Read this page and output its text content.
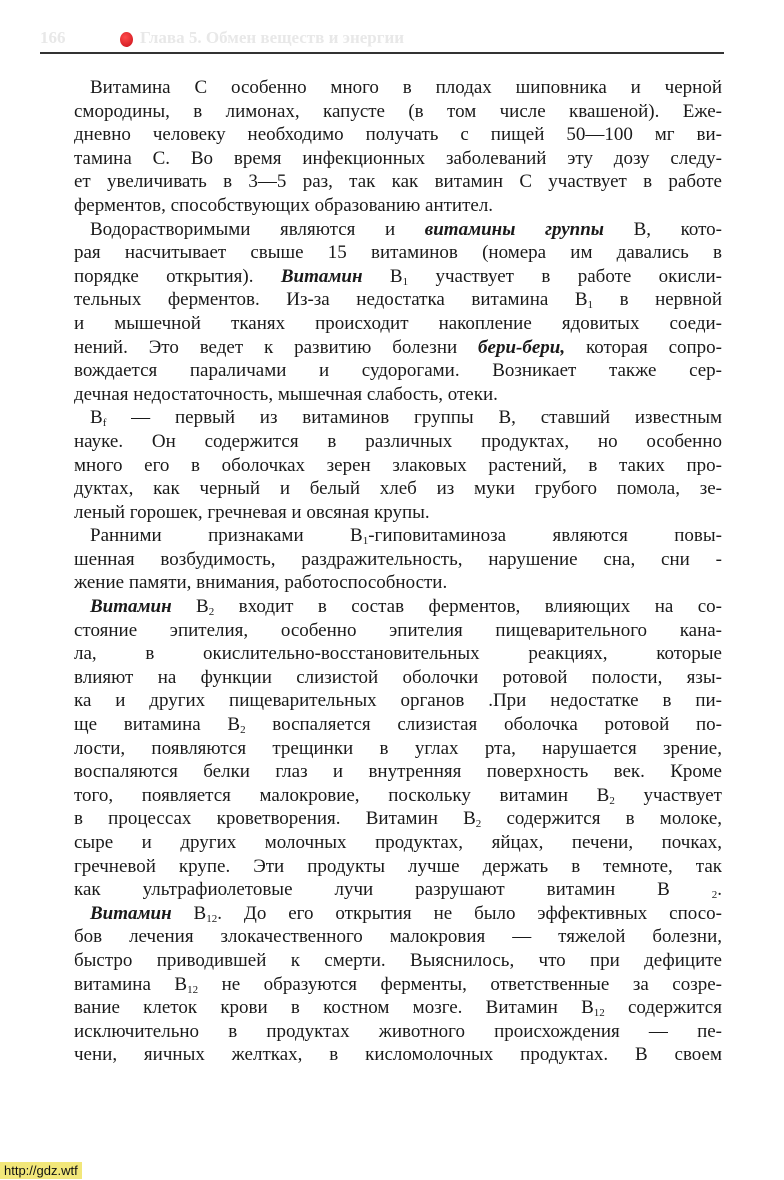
166	Глава 5. Обмен веществ и энергии
Витамина С особенно много в плодах шиповника и черной
смородины, в лимонах, капусте (в том числе квашеной). Еже-
дневно человеку необходимо получать с пищей 50—100 мг ви-
тамина С. Во время инфекционных заболеваний эту дозу следу-
ет увеличивать в 3—5 раз, так как витамин С участвует в работе
ферментов, способствующих образованию антител.
Водорастворимыми являются и витамины группы В, кото-
рая насчитывает свыше 15 витаминов (номера им давались в
порядке открытия). Витамин $В_1$ участвует в работе окисли-
тельных ферментов. Из-за недостатка витамина $В_1$ в нервной
и мышечной тканях происходит накопление ядовитых соеди-
нений. Это ведет к развитию болезни бери-бери, которая сопро-
вождается параличами и судорогами. Возникает также сер-
дечная недостаточность, мышечная слабость, отеки.
$В_f$ — первый из витаминов группы В, ставший известным
науке. Он содержится в различных продуктах, но особенно
много его в оболочках зерен злаковых растений, в таких про-
дуктах, как черный и белый хлеб из муки грубого помола, зе-
леный горошек, гречневая и овсяная крупы.
Ранними признаками $В_1$-гиповитаминоза являются повы-
шенная возбудимость, раздражительность, нарушение сна, сни -
жение памяти, внимания, работоспособности.
Витамин $В_2$ входит в состав ферментов, влияющих на со-
стояние эпителия, особенно эпителия пищеварительного кана-
ла, в окислительно-восстановительных реакциях, которые
влияют на функции слизистой оболочки ротовой полости, язы-
ка и других пищеварительных органов .При недостатке в пи-
ще витамина $В_2$ воспаляется слизистая оболочка ротовой по-
лости, появляются трещинки в углах рта, нарушается зрение,
воспаляются белки глаз и внутренняя поверхность век. Кроме
того, появляется малокровие, поскольку витамин $В_2$ участвует
в процессах кроветворения. Витамин $В_2$ содержится в молоке,
сыре и других молочных продуктах, яйцах, печени, почках,
гречневой крупе. Эти продукты лучше держать в темноте, так
как ультрафиолетовые лучи разрушают витамин В $_2$.
Витамин $В_{12}$. До его открытия не было эффективных спосо-
бов лечения злокачественного малокровия — тяжелой болезни,
быстро приводившей к смерти. Выяснилось, что при дефиците
витамина $В_{12}$ не образуются ферменты, ответственные за созре-
вание клеток крови в костном мозге. Витамин $В_{12}$ содержится
исключительно в продуктах животного происхождения — пе-
чени, яичных желтках, в кисломолочных продуктах. В своем
http://gdz.wtf
